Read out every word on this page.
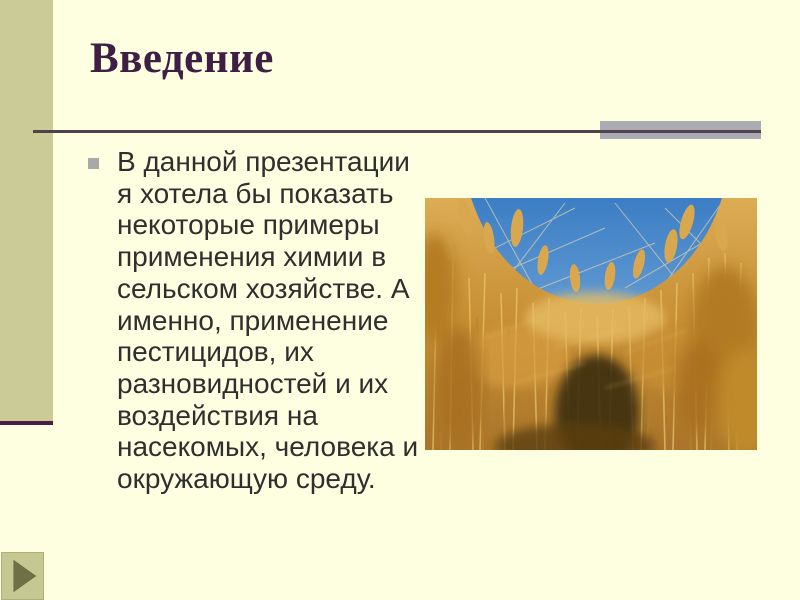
Введение
В данной презентации
я хотела бы показать
некоторые примеры
применения химии в
сельском хозяйстве. А
именно, применение
пестицидов, их
разновидностей и их
воздействия на
насекомых, человека и
окружающую среду.
